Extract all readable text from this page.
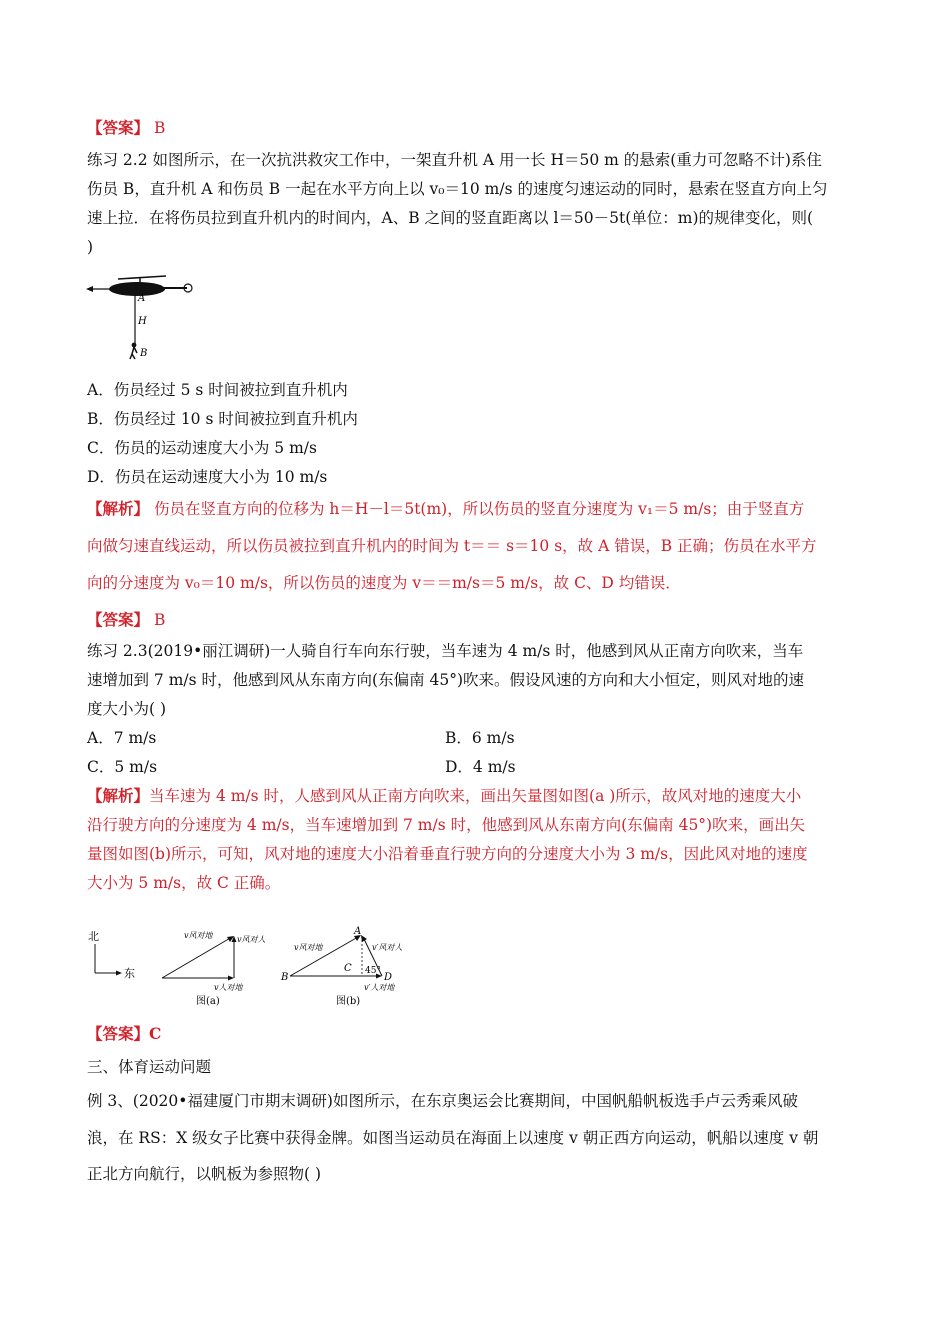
【答案】 B
练习 2.2 如图所示，在一次抗洪救灾工作中，一架直升机 A 用一长 H＝50 m 的悬索(重力可忽略不计)系住
伤员 B，直升机 A 和伤员 B 一起在水平方向上以 v₀＝10 m/s 的速度匀速运动的同时，悬索在竖直方向上匀
速上拉．在将伤员拉到直升机内的时间内，A、B 之间的竖直距离以 l＝50－5t(单位：m)的规律变化，则(
)
A
H
B
A．伤员经过 5 s 时间被拉到直升机内
B．伤员经过 10 s 时间被拉到直升机内
C．伤员的运动速度大小为 5 m/s
D．伤员在运动速度大小为 10 m/s
【解析】 伤员在竖直方向的位移为 h＝H－l＝5t(m)，所以伤员的竖直分速度为 v₁＝5 m/s；由于竖直方
向做匀速直线运动，所以伤员被拉到直升机内的时间为 t＝＝ s＝10 s，故 A 错误，B 正确；伤员在水平方
向的分速度为 v₀＝10 m/s，所以伤员的速度为 v＝＝m/s＝5 m/s，故 C、D 均错误．
【答案】 B
练习 2.3(2019•丽江调研)一人骑自行车向东行驶，当车速为 4 m/s 时，他感到风从正南方向吹来，当车
速增加到 7 m/s 时，他感到风从东南方向(东偏南 45°)吹来。假设风速的方向和大小恒定，则风对地的速
度大小为( )
A．7 m/s	B．6 m/s
C．5 m/s	D．4 m/s
【解析】当车速为 4 m/s 时，人感到风从正南方向吹来，画出矢量图如图(a )所示，故风对地的速度大小
沿行驶方向的分速度为 4 m/s，当车速增加到 7 m/s 时，他感到风从东南方向(东偏南 45°)吹来，画出矢
量图如图(b)所示，可知，风对地的速度大小沿着垂直行驶方向的分速度大小为 3 m/s，因此风对地的速度
大小为 5 m/s，故 C 正确。
北
东
v风对地	v风对人
v人对地
图(a)
v风对地	v′风对人
A
B
C 45°
D
v′人对地
图(b)
【答案】C
三、体育运动问题
例 3、(2020•福建厦门市期末调研)如图所示，在东京奥运会比赛期间，中国帆船帆板选手卢云秀乘风破
浪，在 RS：X 级女子比赛中获得金牌。如图当运动员在海面上以速度 v 朝正西方向运动，帆船以速度 v 朝
正北方向航行，以帆板为参照物( )
